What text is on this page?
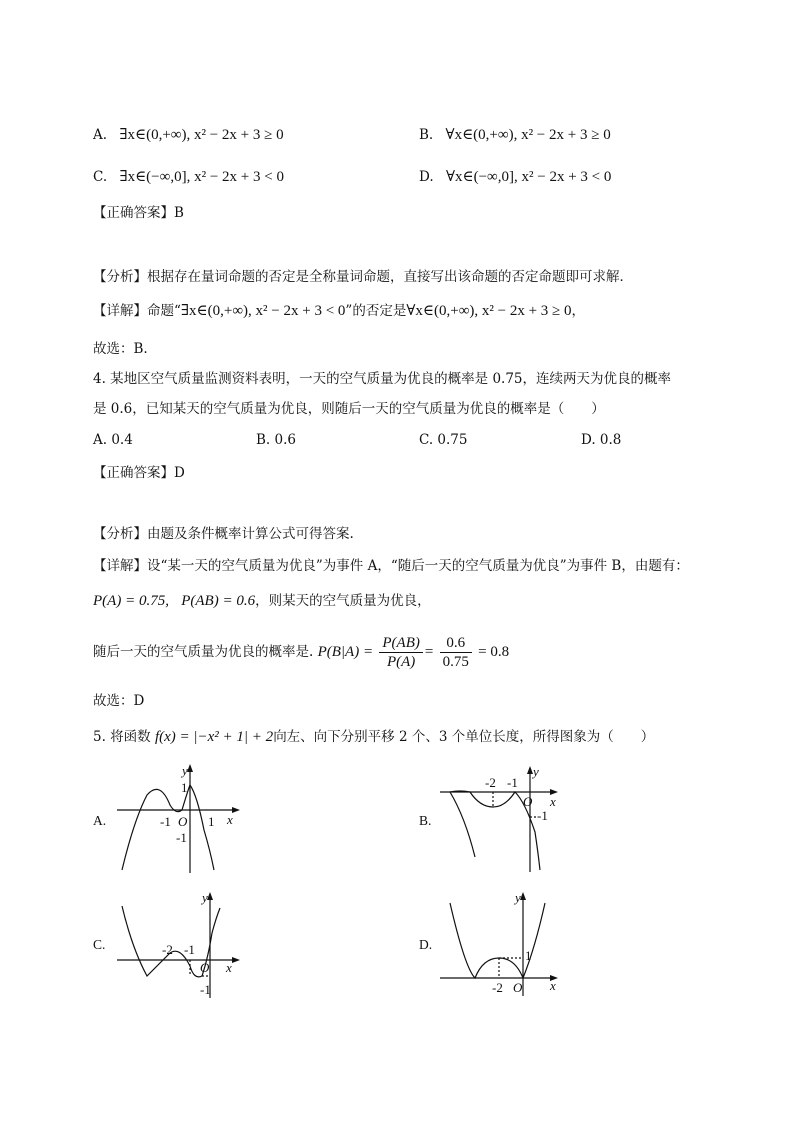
A. ∃x∈(0,+∞), x² − 2x + 3 ≥ 0	B. ∀x∈(0,+∞), x² − 2x + 3 ≥ 0
C. ∃x∈(−∞,0], x² − 2x + 3 < 0	D. ∀x∈(−∞,0], x² − 2x + 3 < 0
【正确答案】B
【分析】根据存在量词命题的否定是全称量词命题，直接写出该命题的否定命题即可求解．
【详解】命题“∃x∈(0,+∞), x² − 2x + 3 < 0”的否定是∀x∈(0,+∞), x² − 2x + 3 ≥ 0，
故选：B.
4. 某地区空气质量监测资料表明，一天的空气质量为优良的概率是 0.75，连续两天为优良的概率
是 0.6，已知某天的空气质量为优良，则随后一天的空气质量为优良的概率是（　　）
A. 0.4	B. 0.6	C. 0.75	D. 0.8
【正确答案】D
【分析】由题及条件概率计算公式可得答案.
【详解】设“某一天的空气质量为优良”为事件 A，“随后一天的空气质量为优良”为事件 B，由题有：
P(A) = 0.75, P(AB) = 0.6，则某天的空气质量为优良，
随后一天的空气质量为优良的概率是. $P(B|A) = \frac{P(AB)}{P(A)} = \frac{0.6}{0.75} = 0.8$
故选：D
5. 将函数 f(x) = |−x² + 1| + 2向左、向下分别平移 2 个、3 个单位长度，所得图象为（　　）
A.	B.
C.	D.
y
x
O
1
-1	1
-1
y
x
O
-2 -1
-1
y
x
O
-2 -1
-1
y
x
O
-2
1
